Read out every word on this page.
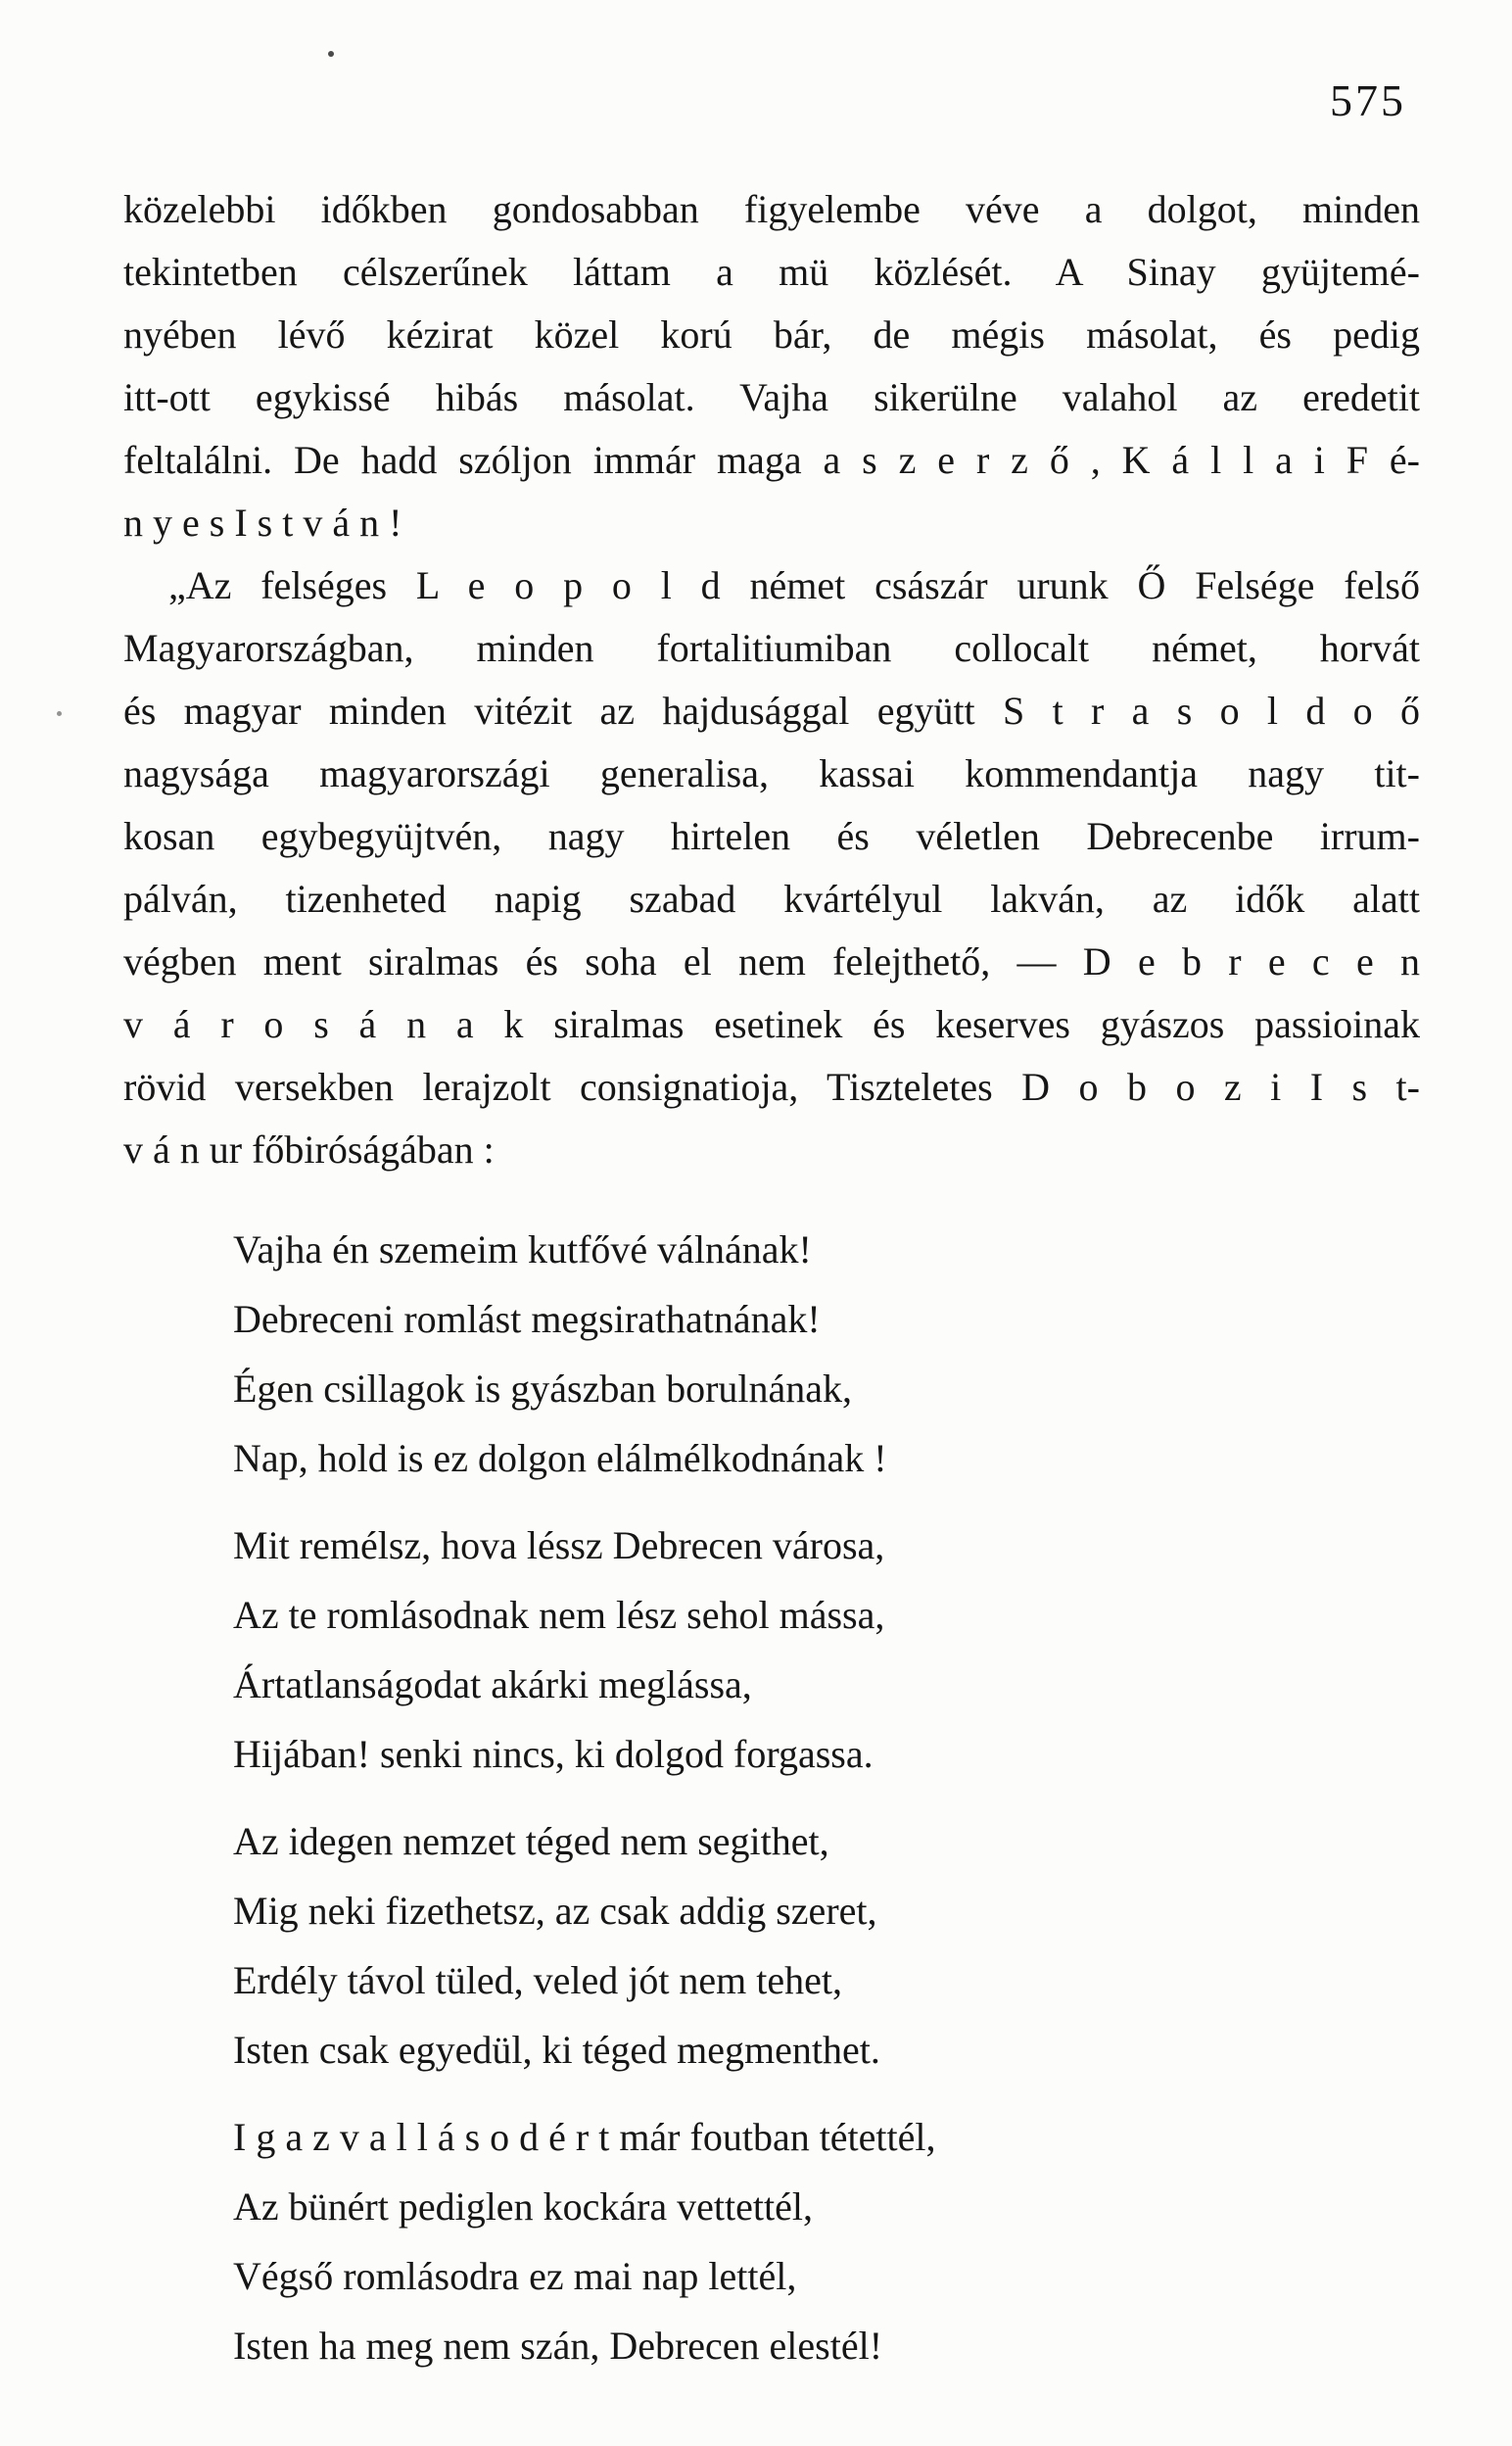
575
közelebbi időkben gondosabban figyelembe véve a dolgot, minden
tekintetben célszerűnek láttam a mü közlését. A Sinay gyüjtemé-
nyében lévő kézirat közel korú bár, de mégis másolat, és pedig
itt-ott egykissé hibás másolat. Vajha sikerülne valahol az eredetit
feltalálni. De hadd szóljon immár maga a s z e r z ő , K á l l a i F é-
n y e s I s t v á n !
„Az felséges L e o p o l d német császár urunk Ő Felsége felső
Magyarországban, minden fortalitiumiban collocalt német, horvát
és magyar minden vitézit az hajdusággal együtt S t r a s o l d o ő
nagysága magyarországi generalisa, kassai kommendantja nagy tit-
kosan egybegyüjtvén, nagy hirtelen és véletlen Debrecenbe irrum-
pálván, tizenheted napig szabad kvártélyul lakván, az idők alatt
végben ment siralmas és soha el nem felejthető, — D e b r e c e n
v á r o s á n a k siralmas esetinek és keserves gyászos passioinak
rövid versekben lerajzolt consignatioja, Tiszteletes D o b o z i I s t-
v á n ur főbiróságában :
Vajha én szemeim kutfővé válnának!
Debreceni romlást megsirathatnának!
Égen csillagok is gyászban borulnának,
Nap, hold is ez dolgon elálmélkodnának !
Mit remélsz, hova léssz Debrecen városa,
Az te romlásodnak nem lész sehol mássa,
Ártatlanságodat akárki meglássa,
Hijában! senki nincs, ki dolgod forgassa.
Az idegen nemzet téged nem segithet,
Mig neki fizethetsz, az csak addig szeret,
Erdély távol tüled, veled jót nem tehet,
Isten csak egyedül, ki téged megmenthet.
I g a z v a l l á s o d é r t már foutban tétettél,
Az bünért pediglen kockára vettettél,
Végső romlásodra ez mai nap lettél,
Isten ha meg nem szán, Debrecen elestél!
